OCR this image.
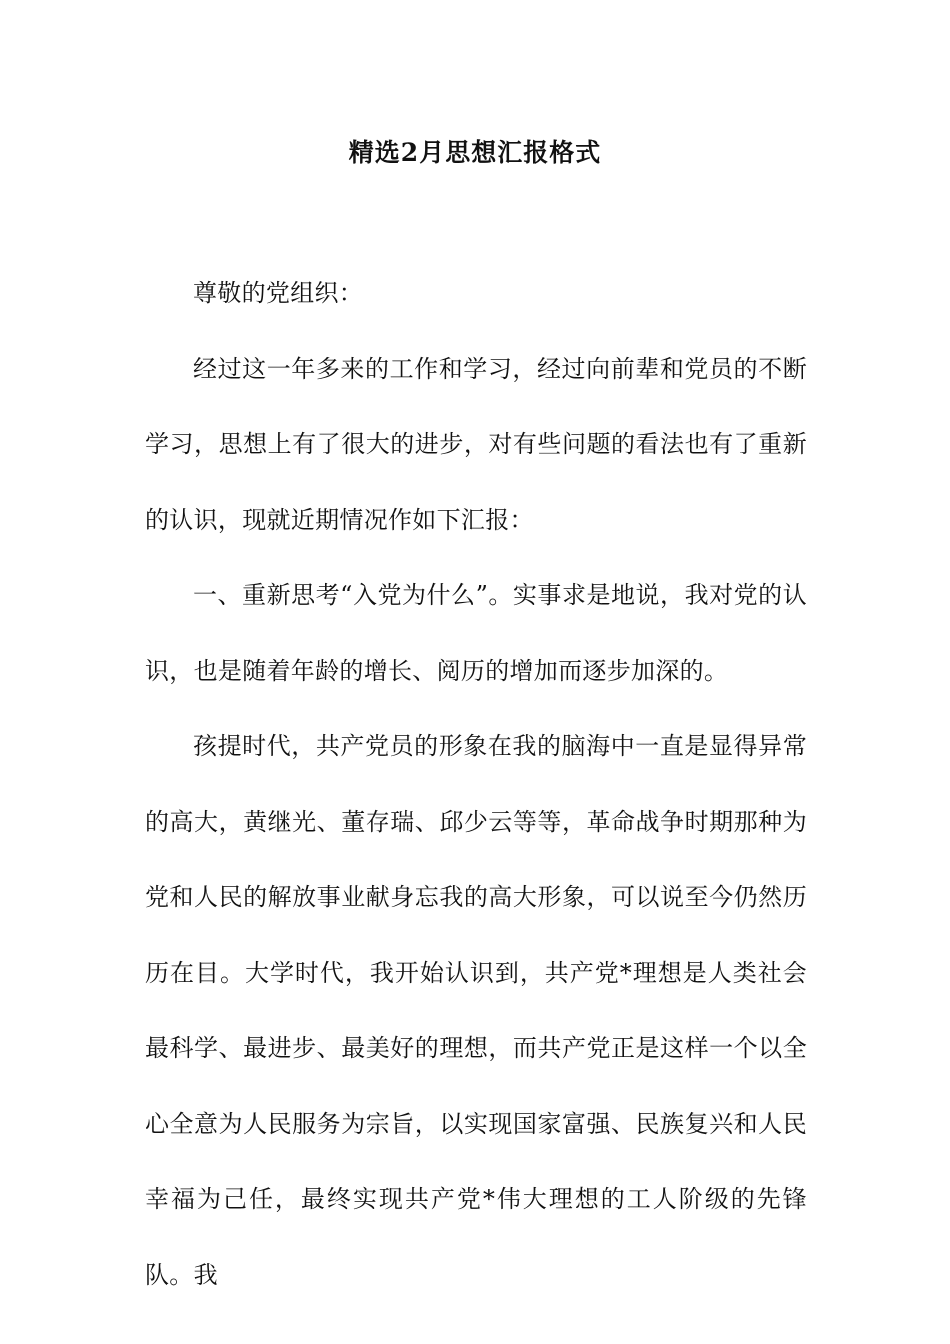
精选2月思想汇报格式

尊敬的党组织：

经过这一年多来的工作和学习，经过向前辈和党员的不断学习，思想上有了很大的进步，对有些问题的看法也有了重新的认识，现就近期情况作如下汇报：

一、重新思考“入党为什么”。实事求是地说，我对党的认识，也是随着年龄的增长、阅历的增加而逐步加深的。

孩提时代，共产党员的形象在我的脑海中一直是显得异常的高大，黄继光、董存瑞、邱少云等等，革命战争时期那种为党和人民的解放事业献身忘我的高大形象，可以说至今仍然历历在目。大学时代，我开始认识到，共产党*理想是人类社会最科学、最进步、最美好的理想，而共产党正是这样一个以全心全意为人民服务为宗旨，以实现国家富强、民族复兴和人民幸福为己任，最终实现共产党*伟大理想的工人阶级的先锋队。我
